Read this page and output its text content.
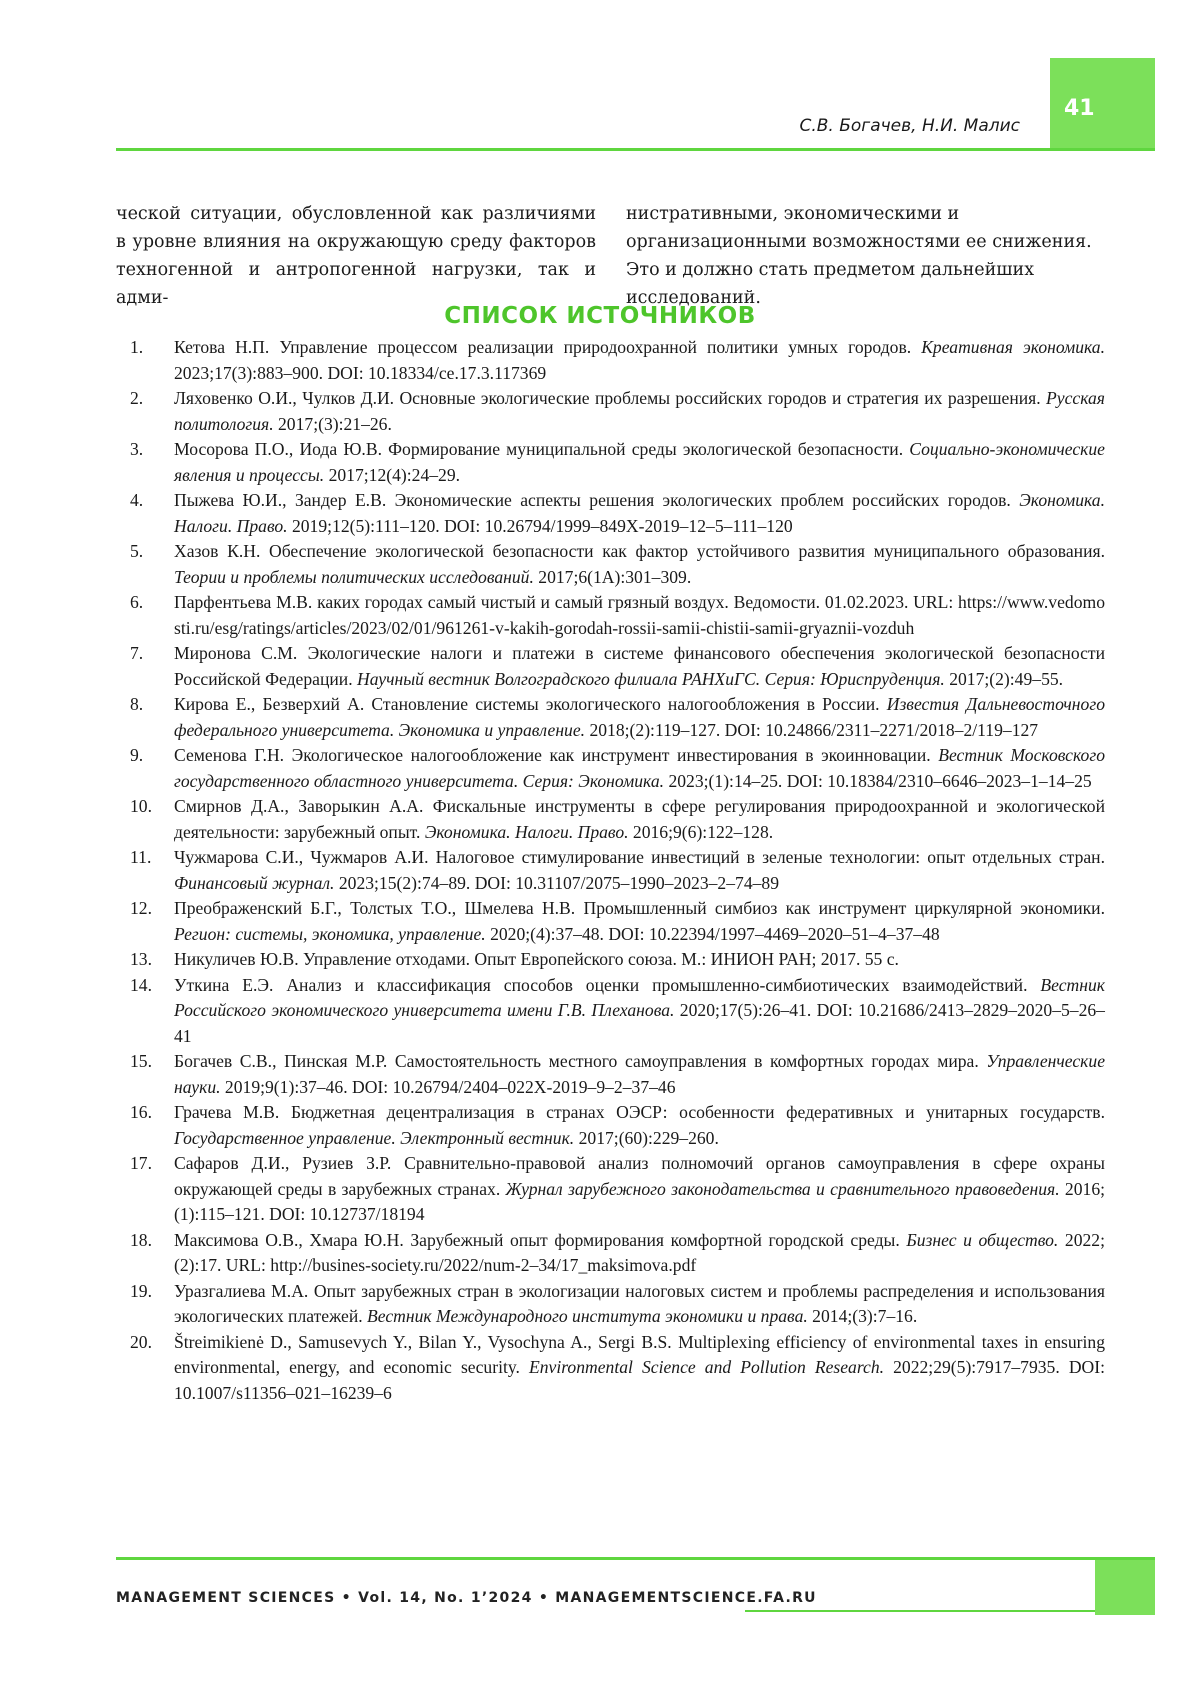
41
С.В. Богачев, Н.И. Малис
ческой ситуации, обусловленной как различиями в уровне влияния на окружающую среду факторов техногенной и антропогенной нагрузки, так и адми-
нистративными, экономическими и организационными возможностями ее снижения. Это и должно стать предметом дальнейших исследований.
СПИСОК ИСТОЧНИКОВ
1.	Кетова Н.П. Управление процессом реализации природоохранной политики умных городов. Креативная экономика. 2023;17(3):883–900. DOI: 10.18334/ce.17.3.117369
2.	Ляховенко О.И., Чулков Д.И. Основные экологические проблемы российских городов и стратегия их разрешения. Русская политология. 2017;(3):21–26.
3.	Мосорова П.О., Иода Ю.В. Формирование муниципальной среды экологической безопасности. Социально-экономические явления и процессы. 2017;12(4):24–29.
4.	Пыжева Ю.И., Зандер Е.В. Экономические аспекты решения экологических проблем российских городов. Экономика. Налоги. Право. 2019;12(5):111–120. DOI: 10.26794/1999–849X-2019–12–5–111–120
5.	Хазов К.Н. Обеспечение экологической безопасности как фактор устойчивого развития муниципального образования. Теории и проблемы политических исследований. 2017;6(1А):301–309.
6.	Парфентьева М.В. каких городах самый чистый и самый грязный воздух. Ведомости. 01.02.2023. URL: https://www.vedomosti.ru/esg/ratings/articles/2023/02/01/961261-v-kakih-gorodah-rossii-samii-chistii-samii-gryaznii-vozduh
7.	Миронова С.М. Экологические налоги и платежи в системе финансового обеспечения экологической безопасности Российской Федерации. Научный вестник Волгоградского филиала РАНХиГС. Серия: Юриспруденция. 2017;(2):49–55.
8.	Кирова Е., Безверхий А. Становление системы экологического налогообложения в России. Известия Дальневосточного федерального университета. Экономика и управление. 2018;(2):119–127. DOI: 10.24866/2311–2271/2018–2/119–127
9.	Семенова Г.Н. Экологическое налогообложение как инструмент инвестирования в экоинновации. Вестник Московского государственного областного университета. Серия: Экономика. 2023;(1):14–25. DOI: 10.18384/2310–6646–2023–1–14–25
10.	Смирнов Д.А., Заворыкин А.А. Фискальные инструменты в сфере регулирования природоохранной и экологической деятельности: зарубежный опыт. Экономика. Налоги. Право. 2016;9(6):122–128.
11.	Чужмарова С.И., Чужмаров А.И. Налоговое стимулирование инвестиций в зеленые технологии: опыт отдельных стран. Финансовый журнал. 2023;15(2):74–89. DOI: 10.31107/2075–1990–2023–2–74–89
12.	Преображенский Б.Г., Толстых Т.О., Шмелева Н.В. Промышленный симбиоз как инструмент циркулярной экономики. Регион: системы, экономика, управление. 2020;(4):37–48. DOI: 10.22394/1997–4469–2020–51–4–37–48
13.	Никуличев Ю.В. Управление отходами. Опыт Европейского союза. М.: ИНИОН РАН; 2017. 55 с.
14.	Уткина Е.Э. Анализ и классификация способов оценки промышленно-симбиотических взаимодействий. Вестник Российского экономического университета имени Г.В. Плеханова. 2020;17(5):26–41. DOI: 10.21686/2413–2829–2020–5–26–41
15.	Богачев С.В., Пинская М.Р. Самостоятельность местного самоуправления в комфортных городах мира. Управленческие науки. 2019;9(1):37–46. DOI: 10.26794/2404–022X-2019–9–2–37–46
16.	Грачева М.В. Бюджетная децентрализация в странах ОЭСР: особенности федеративных и унитарных государств. Государственное управление. Электронный вестник. 2017;(60):229–260.
17.	Сафаров Д.И., Рузиев З.Р. Сравнительно-правовой анализ полномочий органов самоуправления в сфере охраны окружающей среды в зарубежных странах. Журнал зарубежного законодательства и сравнительного правоведения. 2016;(1):115–121. DOI: 10.12737/18194
18.	Максимова О.В., Хмара Ю.Н. Зарубежный опыт формирования комфортной городской среды. Бизнес и общество. 2022;(2):17. URL: http://busines-society.ru/2022/num-2–34/17_maksimova.pdf
19.	Уразгалиева М.А. Опыт зарубежных стран в экологизации налоговых систем и проблемы распределения и использования экологических платежей. Вестник Международного института экономики и права. 2014;(3):7–16.
20.	Štreimikienė D., Samusevych Y., Bilan Y., Vysochyna A., Sergi B.S. Multiplexing efficiency of environmental taxes in ensuring environmental, energy, and economic security. Environmental Science and Pollution Research. 2022;29(5):7917–7935. DOI: 10.1007/s11356–021–16239–6
MANAGEMENT SCIENCES • Vol. 14, No. 1’2024 • MANAGEMENTSCIENCE.FA.RU
